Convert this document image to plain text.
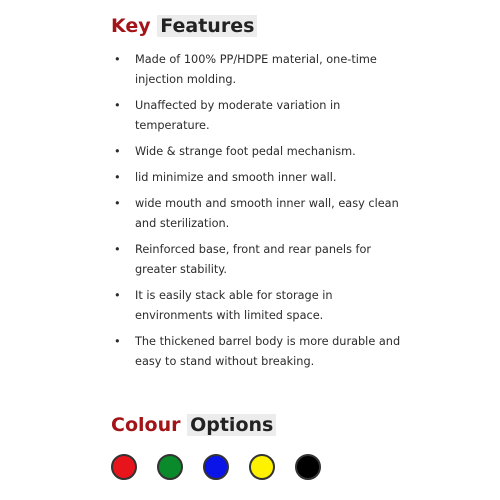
Key Features
• Made of 100% PP/HDPE material, one-time injection molding.
• Unaffected by moderate variation in temperature.
• Wide & strange foot pedal mechanism.
• lid minimize and smooth inner wall.
• wide mouth and smooth inner wall, easy clean and sterilization.
• Reinforced base, front and rear panels for greater stability.
• It is easily stack able for storage in environments with limited space.
• The thickened barrel body is more durable and easy to stand without breaking.
Colour Options
